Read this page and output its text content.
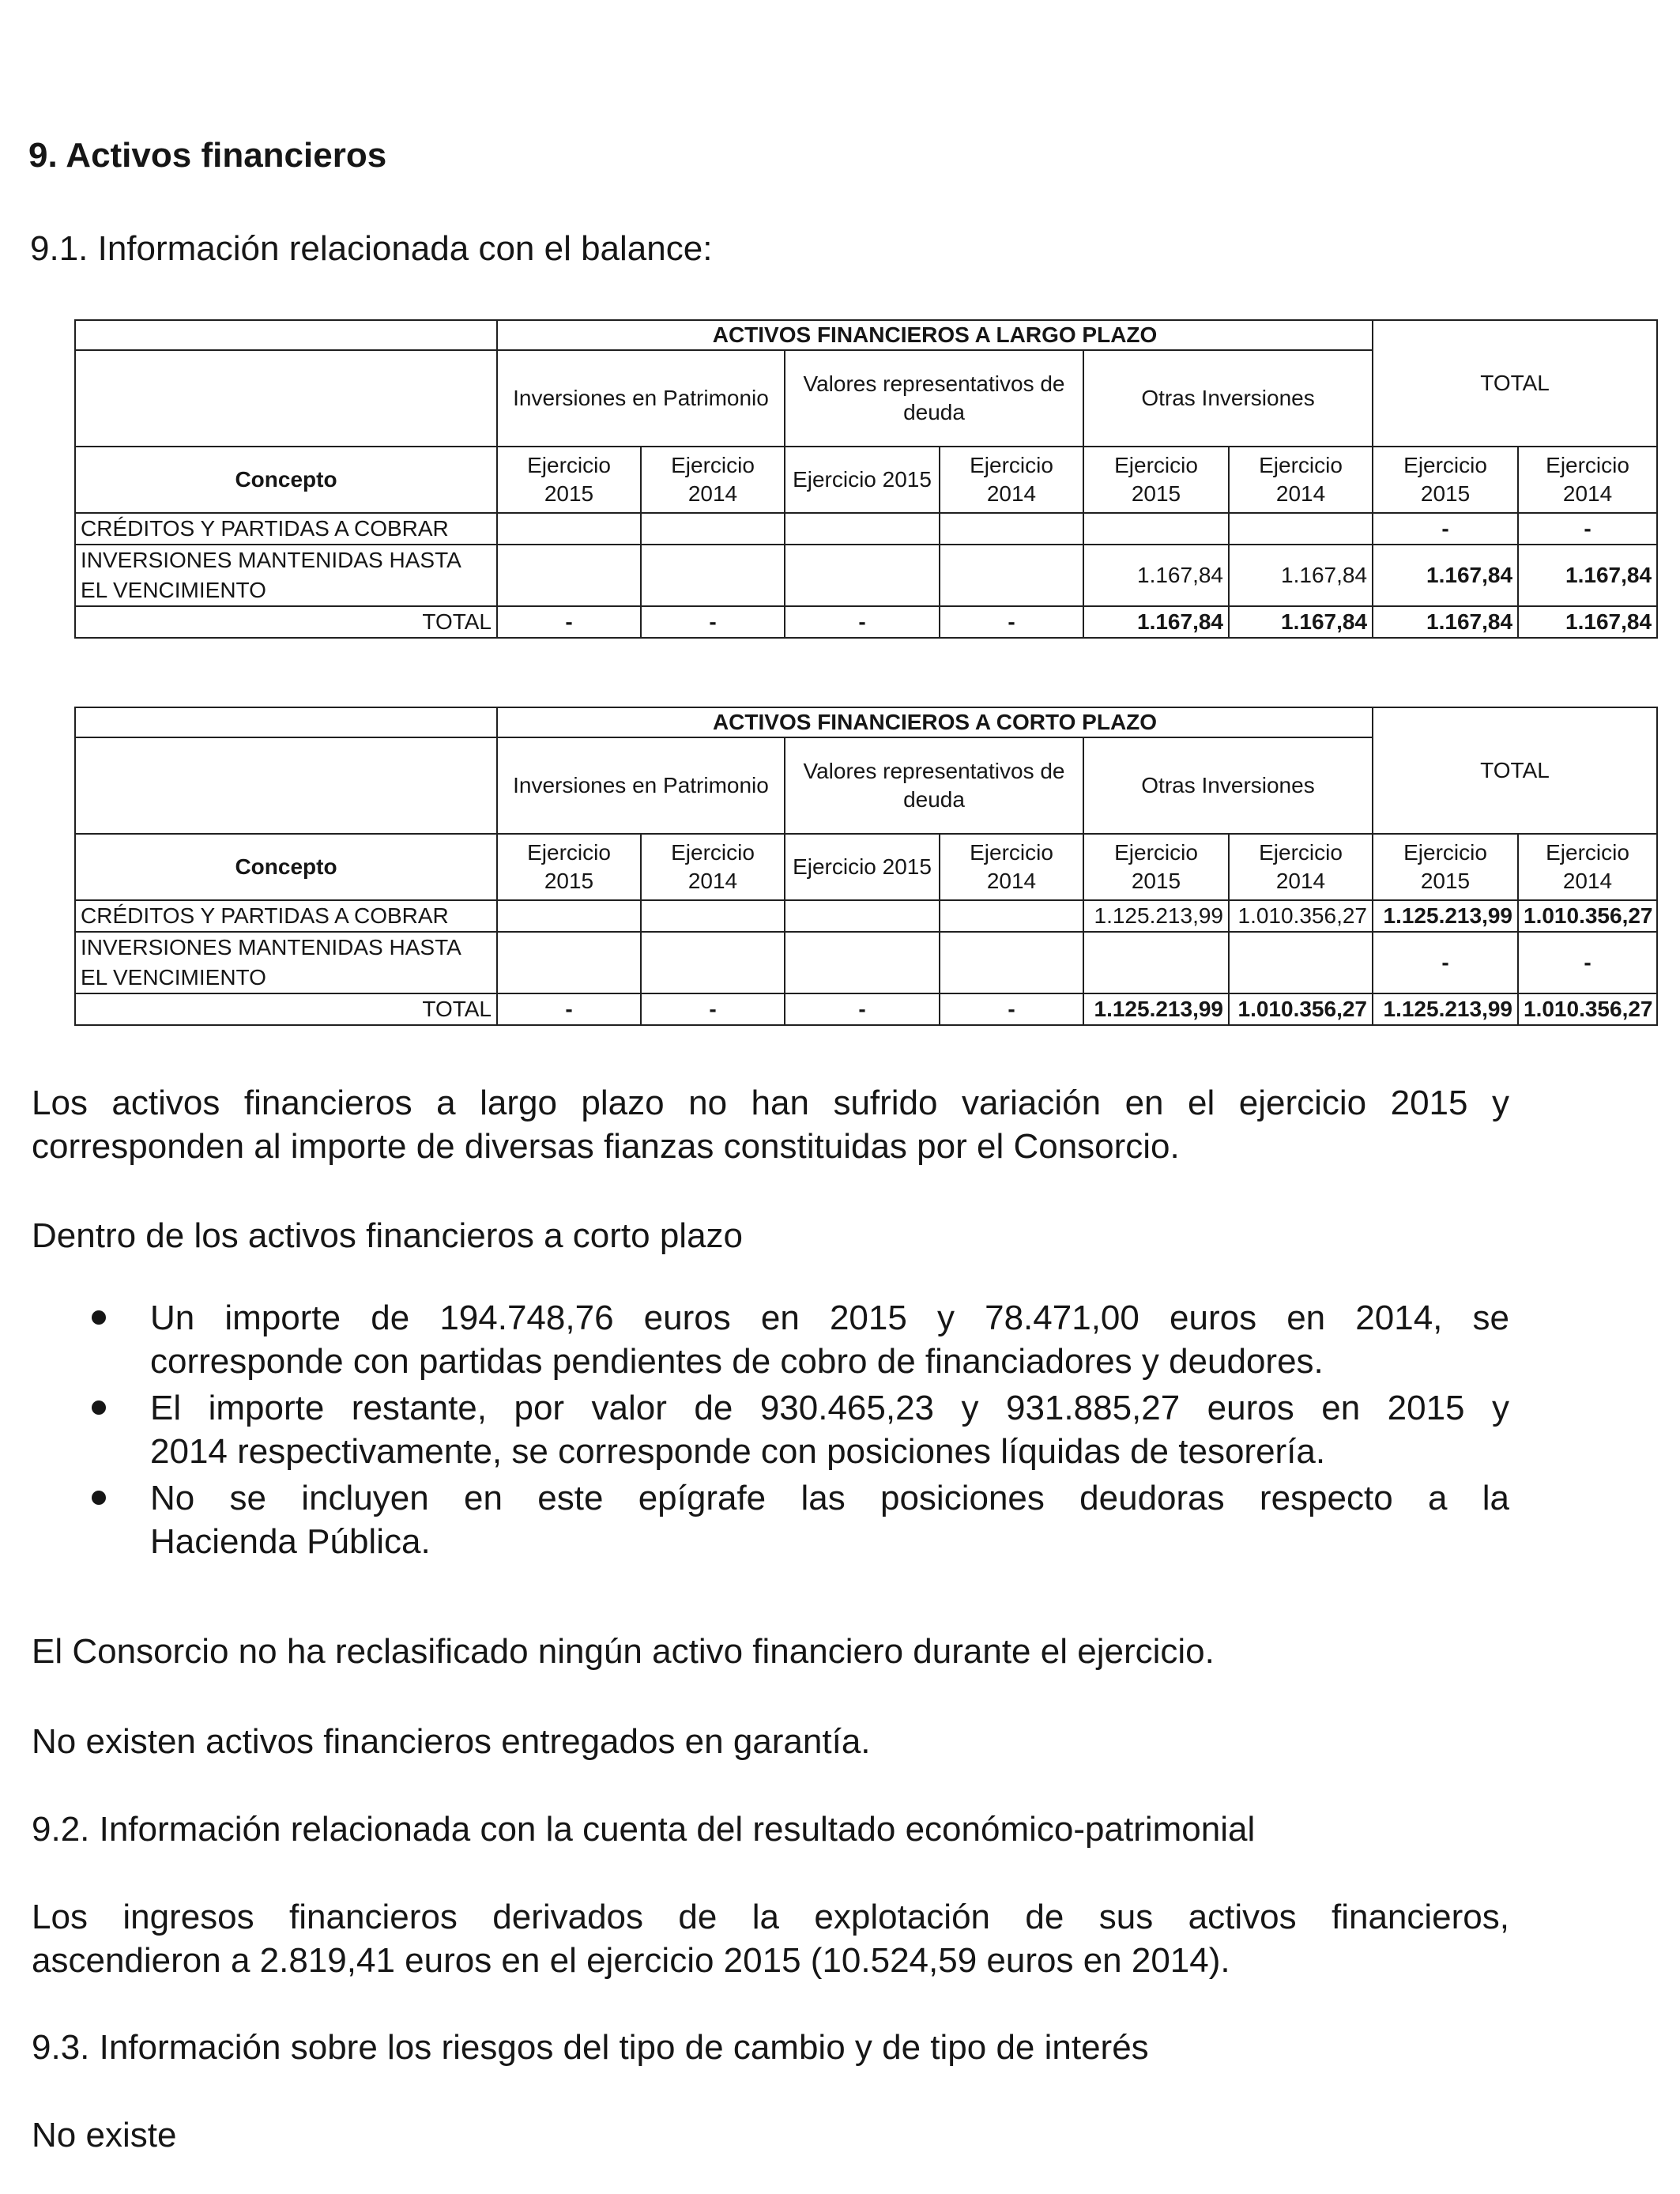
9. Activos financieros

9.1. Información relacionada con el balance:

	ACTIVOS FINANCIEROS A LARGO PLAZO						TOTAL	
	Inversiones en Patrimonio		Valores representativos de deuda		Otras Inversiones			
Concepto	Ejercicio 2015	Ejercicio 2014	Ejercicio 2015	Ejercicio 2014	Ejercicio 2015	Ejercicio 2014	Ejercicio 2015	Ejercicio 2014
CRÉDITOS Y PARTIDAS A COBRAR							-	-
INVERSIONES MANTENIDAS HASTA EL VENCIMIENTO					1.167,84	1.167,84	1.167,84	1.167,84
TOTAL	-	-	-	-	1.167,84	1.167,84	1.167,84	1.167,84
	ACTIVOS FINANCIEROS A CORTO PLAZO						TOTAL	
	Inversiones en Patrimonio		Valores representativos de deuda		Otras Inversiones			
Concepto	Ejercicio 2015	Ejercicio 2014	Ejercicio 2015	Ejercicio 2014	Ejercicio 2015	Ejercicio 2014	Ejercicio 2015	Ejercicio 2014
CRÉDITOS Y PARTIDAS A COBRAR					1.125.213,99	1.010.356,27	1.125.213,99	1.010.356,27
INVERSIONES MANTENIDAS HASTA EL VENCIMIENTO							-	-
TOTAL	-	-	-	-	1.125.213,99	1.010.356,27	1.125.213,99	1.010.356,27

Los activos financieros a largo plazo no han sufrido variación en el ejercicio 2015 y

corresponden al importe de diversas fianzas constituidas por el Consorcio.

Dentro de los activos financieros a corto plazo

Un importe de 194.748,76 euros en 2015 y 78.471,00 euros en 2014, se
corresponde con partidas pendientes de cobro de financiadores y deudores.
El importe restante, por valor de 930.465,23 y 931.885,27 euros en 2015 y
2014 respectivamente, se corresponde con posiciones líquidas de tesorería.
No se incluyen en este epígrafe las posiciones deudoras respecto a la
Hacienda Pública.

El Consorcio no ha reclasificado ningún activo financiero durante el ejercicio.

No existen activos financieros entregados en garantía.

9.2. Información relacionada con la cuenta del resultado económico-patrimonial

Los ingresos financieros derivados de la explotación de sus activos financieros,

ascendieron a 2.819,41 euros en el ejercicio 2015 (10.524,59 euros en 2014).

9.3. Información sobre los riesgos del tipo de cambio y de tipo de interés

No existe
